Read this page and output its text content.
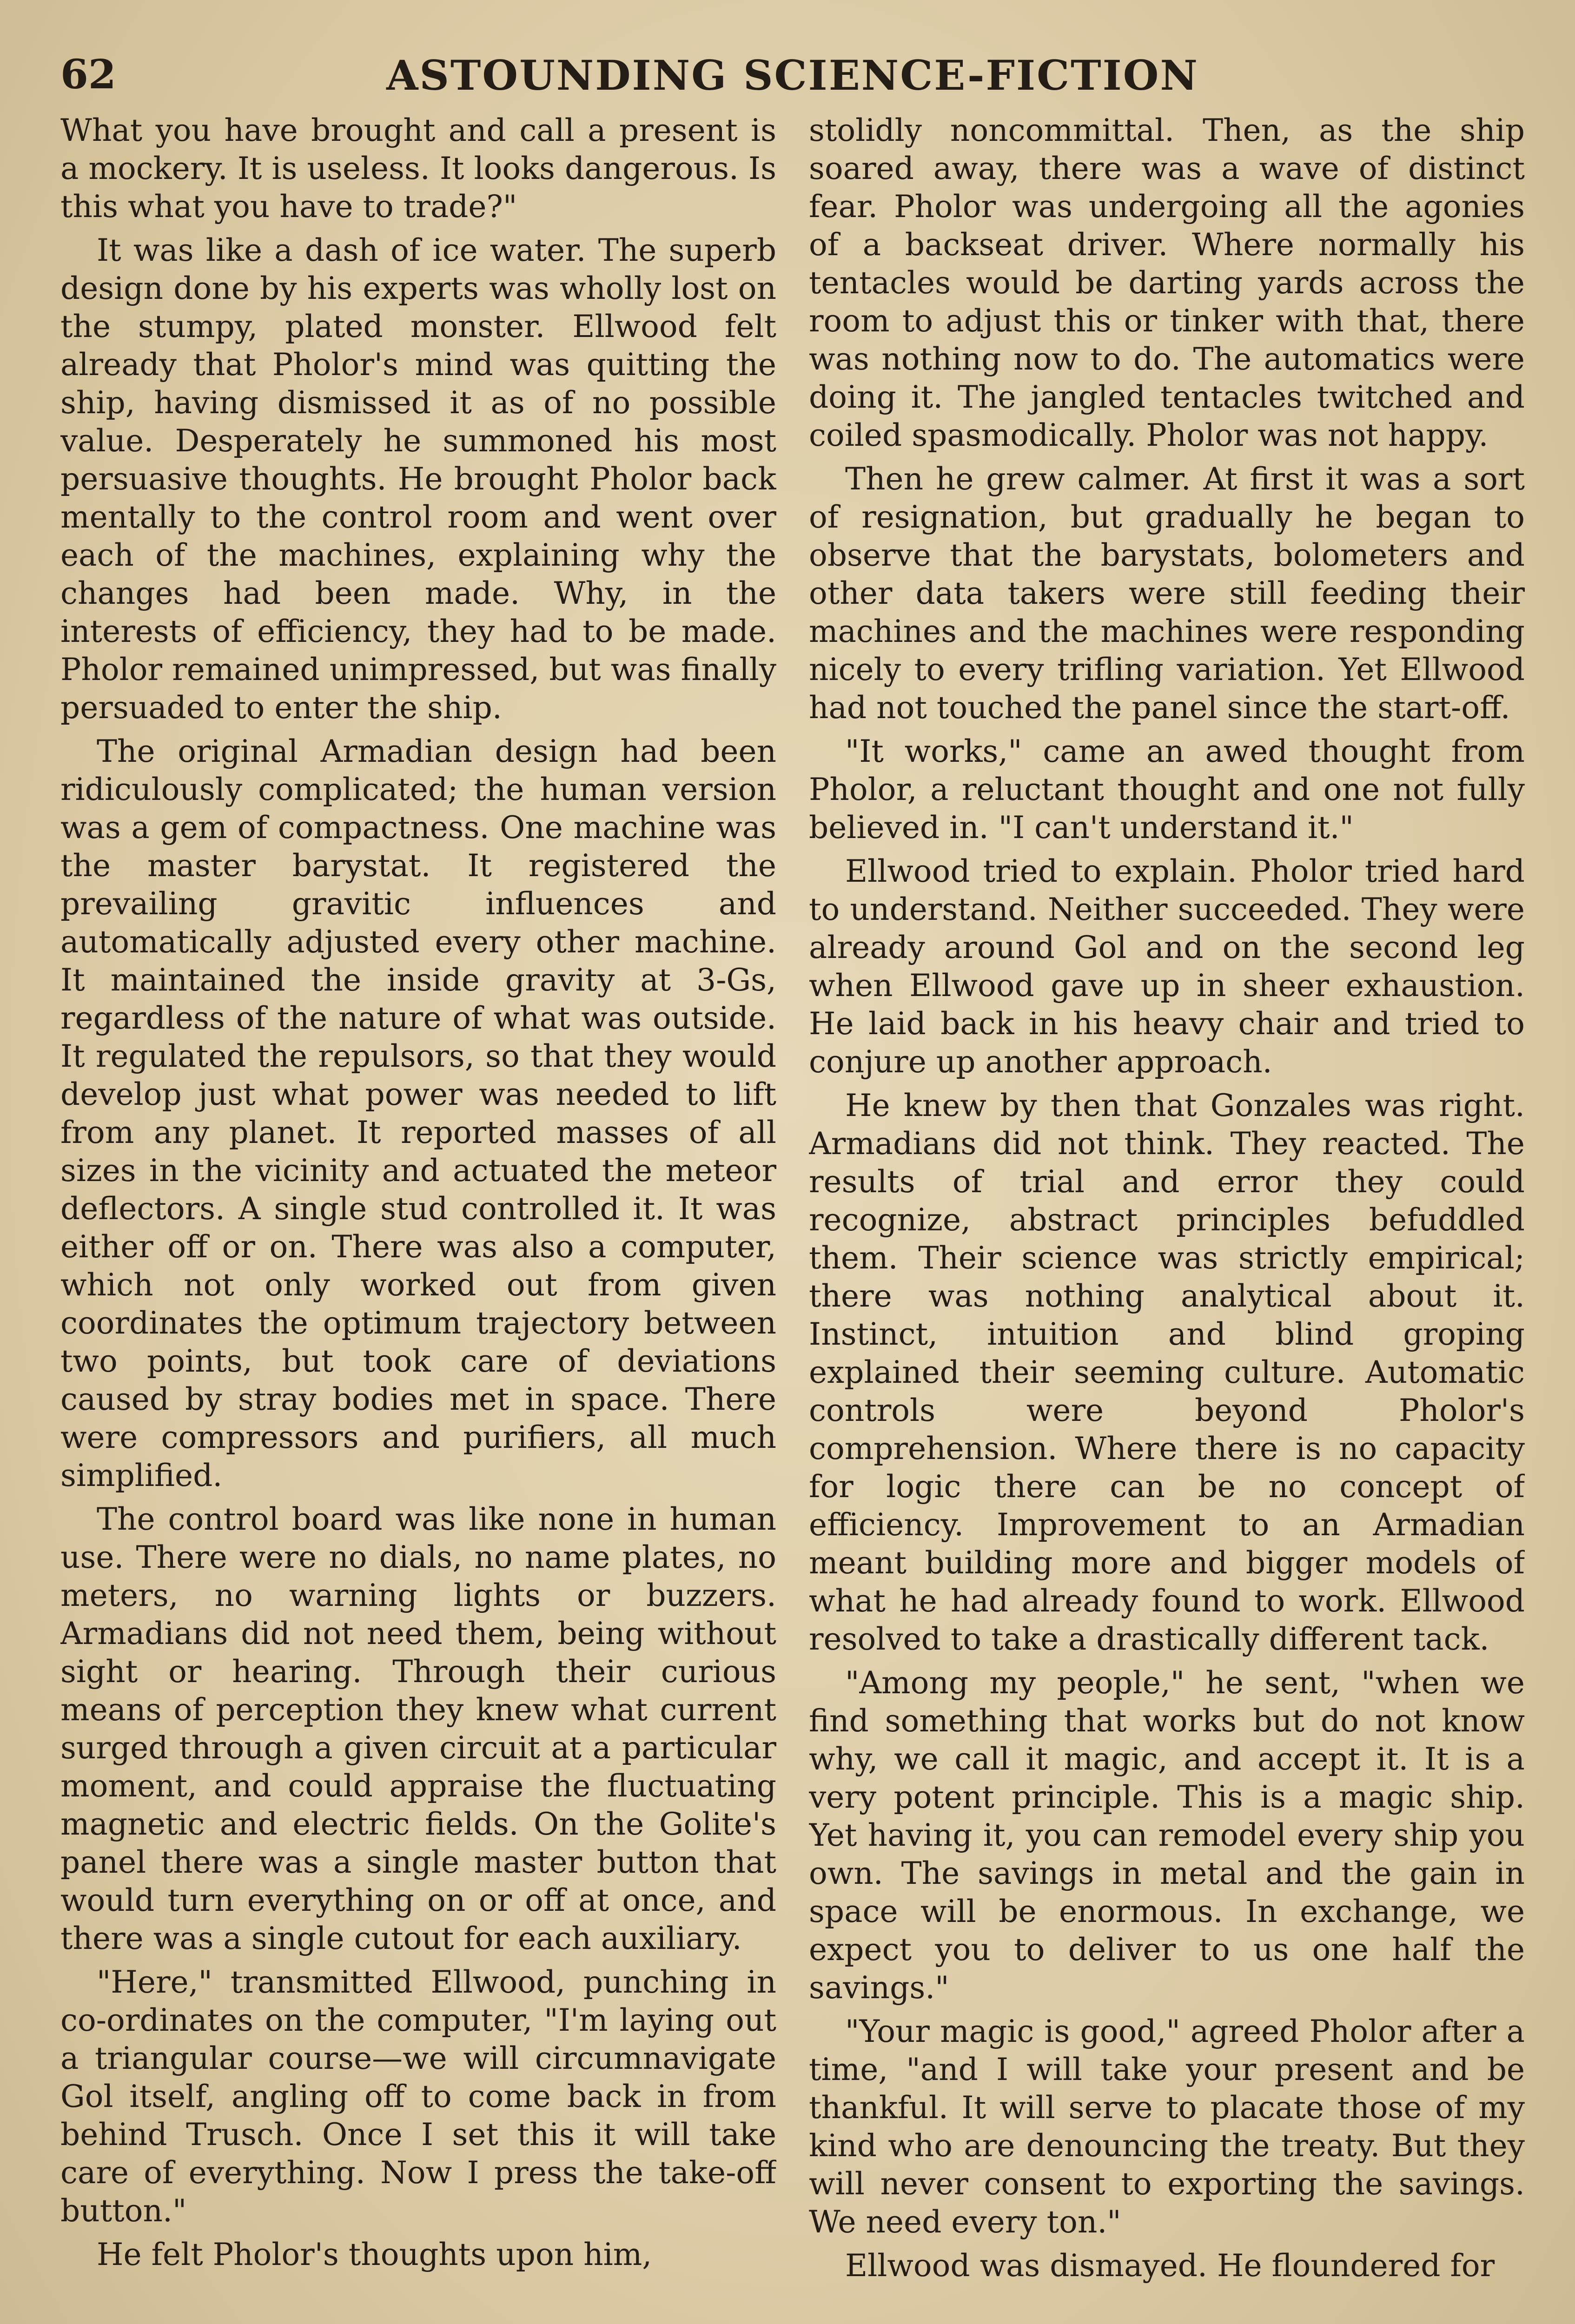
62	ASTOUNDING SCIENCE-FICTION

What you have brought and call a present is a mockery. It is useless. It looks dangerous. Is this what you have to trade?"

It was like a dash of ice water. The superb design done by his experts was wholly lost on the stumpy, plated monster. Ellwood felt already that Pholor's mind was quitting the ship, having dismissed it as of no possible value. Desperately he summoned his most persuasive thoughts. He brought Pholor back mentally to the control room and went over each of the machines, explaining why the changes had been made. Why, in the interests of efficiency, they had to be made. Pholor remained unimpressed, but was finally persuaded to enter the ship.

The original Armadian design had been ridiculously complicated; the human version was a gem of compactness. One machine was the master barystat. It registered the prevailing gravitic influences and automatically adjusted every other machine. It maintained the inside gravity at 3-Gs, regardless of the nature of what was outside. It regulated the repulsors, so that they would develop just what power was needed to lift from any planet. It reported masses of all sizes in the vicinity and actuated the meteor deflectors. A single stud controlled it. It was either off or on. There was also a computer, which not only worked out from given coordinates the optimum trajectory between two points, but took care of deviations caused by stray bodies met in space. There were compressors and purifiers, all much simplified.

The control board was like none in human use. There were no dials, no name plates, no meters, no warning lights or buzzers. Armadians did not need them, being without sight or hearing. Through their curious means of perception they knew what current surged through a given circuit at a particular moment, and could appraise the fluctuating magnetic and electric fields. On the Golite's panel there was a single master button that would turn everything on or off at once, and there was a single cutout for each auxiliary.

"Here," transmitted Ellwood, punching in co-ordinates on the computer, "I'm laying out a triangular course—we will circumnavigate Gol itself, angling off to come back in from behind Trusch. Once I set this it will take care of everything. Now I press the take-off button."

He felt Pholor's thoughts upon him,

stolidly noncommittal. Then, as the ship soared away, there was a wave of distinct fear. Pholor was undergoing all the agonies of a backseat driver. Where normally his tentacles would be darting yards across the room to adjust this or tinker with that, there was nothing now to do. The automatics were doing it. The jangled tentacles twitched and coiled spasmodically. Pholor was not happy.

Then he grew calmer. At first it was a sort of resignation, but gradually he began to observe that the barystats, bolometers and other data takers were still feeding their machines and the machines were responding nicely to every trifling variation. Yet Ellwood had not touched the panel since the start-off.

"It works," came an awed thought from Pholor, a reluctant thought and one not fully believed in. "I can't understand it."

Ellwood tried to explain. Pholor tried hard to understand. Neither succeeded. They were already around Gol and on the second leg when Ellwood gave up in sheer exhaustion. He laid back in his heavy chair and tried to conjure up another approach.

He knew by then that Gonzales was right. Armadians did not think. They reacted. The results of trial and error they could recognize, abstract principles befuddled them. Their science was strictly empirical; there was nothing analytical about it. Instinct, intuition and blind groping explained their seeming culture. Automatic controls were beyond Pholor's comprehension. Where there is no capacity for logic there can be no concept of efficiency. Improvement to an Armadian meant building more and bigger models of what he had already found to work. Ellwood resolved to take a drastically different tack.

"Among my people," he sent, "when we find something that works but do not know why, we call it magic, and accept it. It is a very potent principle. This is a magic ship. Yet having it, you can remodel every ship you own. The savings in metal and the gain in space will be enormous. In exchange, we expect you to deliver to us one half the savings."

"Your magic is good," agreed Pholor after a time, "and I will take your present and be thankful. It will serve to placate those of my kind who are denouncing the treaty. But they will never consent to exporting the savings. We need every ton."

Ellwood was dismayed. He floundered for
